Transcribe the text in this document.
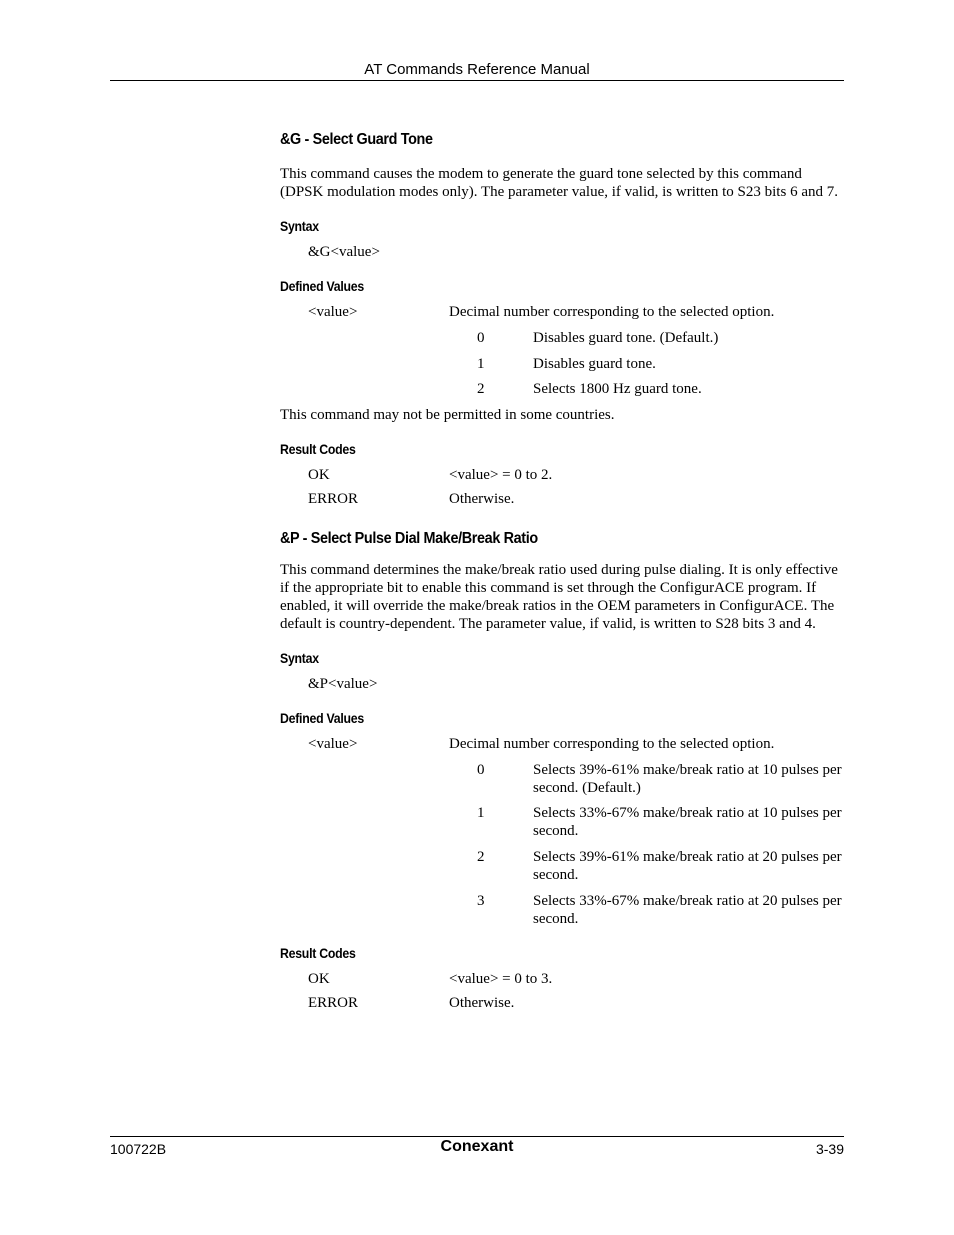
AT Commands Reference Manual
&G - Select Guard Tone

This command causes the modem to generate the guard tone selected by this command (DPSK modulation modes only). The parameter value, if valid, is written to S23 bits 6 and 7.

Syntax

&G<value>

Defined Values
<value>	Decimal number corresponding to the selected option.
0	Disables guard tone. (Default.)
1	Disables guard tone.
2	Selects 1800 Hz guard tone.

This command may not be permitted in some countries.

Result Codes
OK	<value> = 0 to 2.
ERROR	Otherwise.
&P - Select Pulse Dial Make/Break Ratio

This command determines the make/break ratio used during pulse dialing. It is only effective if the appropriate bit to enable this command is set through the ConfigurACE program. If enabled, it will override the make/break ratios in the OEM parameters in ConfigurACE. The default is country-dependent. The parameter value, if valid, is written to S28 bits 3 and 4.

Syntax

&P<value>

Defined Values
<value>	Decimal number corresponding to the selected option.
0	Selects 39%-61% make/break ratio at 10 pulses per second. (Default.)
1	Selects 33%-67% make/break ratio at 10 pulses per second.
2	Selects 39%-61% make/break ratio at 20 pulses per second.
3	Selects 33%-67% make/break ratio at 20 pulses per second.
Result Codes
OK	<value> = 0 to 3.
ERROR	Otherwise.
100722B	Conexant	3-39
